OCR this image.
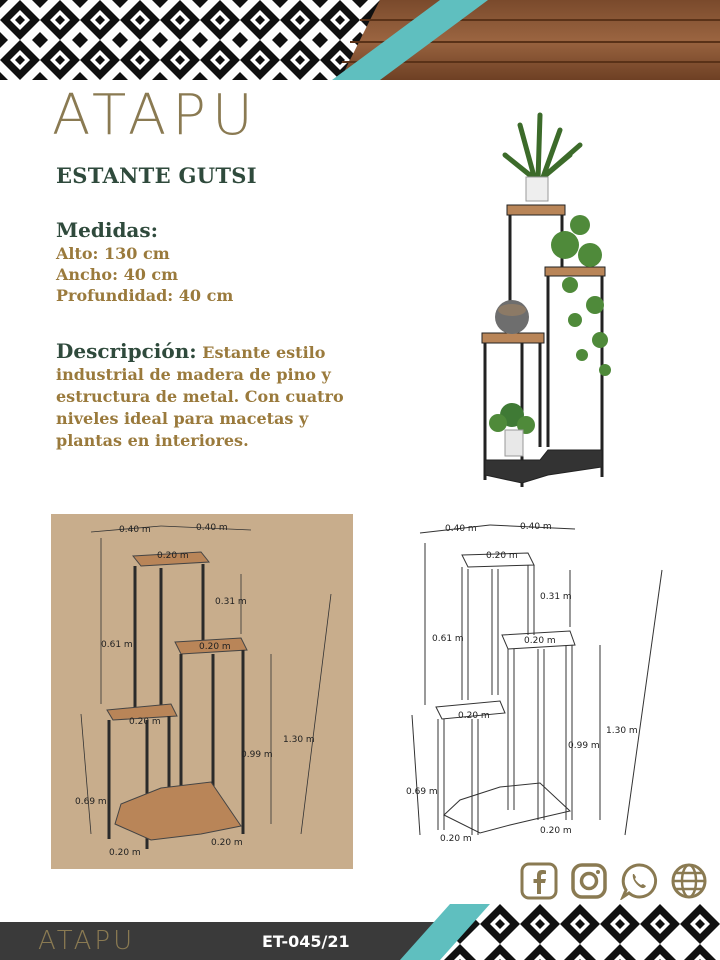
ATAPU
ESTANTE GUTSI
Medidas:
Alto: 130 cm
Ancho: 40 cm
Profundidad: 40 cm
Descripción: Estante estilo industrial de madera de pino y estructura de metal. Con cuatro niveles ideal para macetas y plantas en interiores.
0.40 m	0.40 m
0.20 m
0.31 m
0.61 m	0.20 m
0.20 m
0.99 m
1.30 m
0.69 m
0.20 m
0.20 m
0.40 m	0.40 m
0.20 m
0.31 m
0.61 m	0.20 m
0.20 m
0.99 m
1.30 m
0.69 m
0.20 m
0.20 m
ATAPU	ET-045/21
